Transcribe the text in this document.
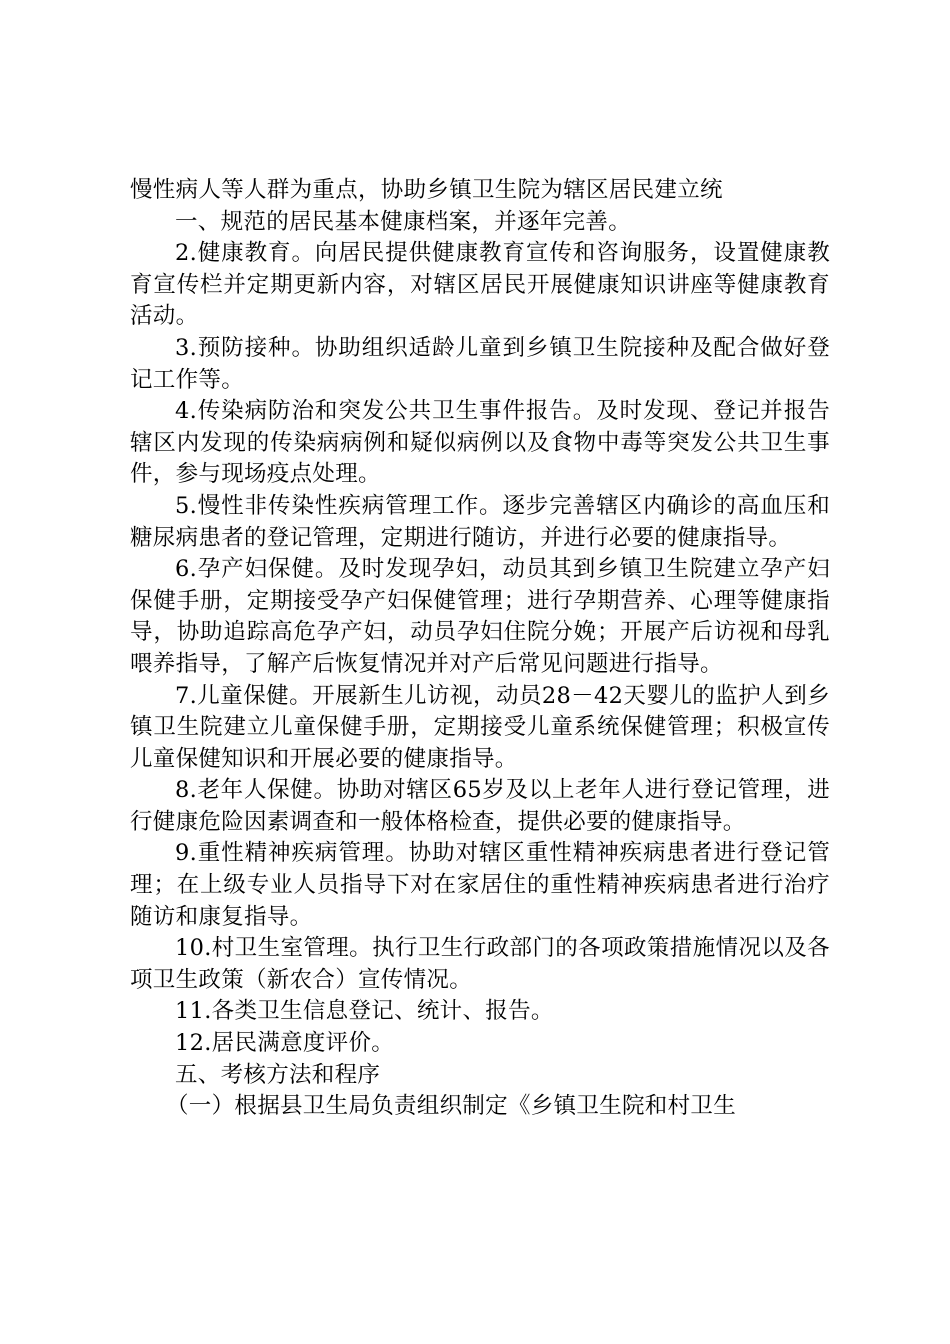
慢性病人等人群为重点，协助乡镇卫生院为辖区居民建立统

一、规范的居民基本健康档案，并逐年完善。

2.健康教育。向居民提供健康教育宣传和咨询服务，设置健康教育宣传栏并定期更新内容，对辖区居民开展健康知识讲座等健康教育活动。

3.预防接种。协助组织适龄儿童到乡镇卫生院接种及配合做好登记工作等。

4.传染病防治和突发公共卫生事件报告。及时发现、登记并报告辖区内发现的传染病病例和疑似病例以及食物中毒等突发公共卫生事件，参与现场疫点处理。

5.慢性非传染性疾病管理工作。逐步完善辖区内确诊的高血压和糖尿病患者的登记管理，定期进行随访，并进行必要的健康指导。

6.孕产妇保健。及时发现孕妇，动员其到乡镇卫生院建立孕产妇保健手册，定期接受孕产妇保健管理；进行孕期营养、心理等健康指导，协助追踪高危孕产妇，动员孕妇住院分娩；开展产后访视和母乳喂养指导，了解产后恢复情况并对产后常见问题进行指导。

7.儿童保健。开展新生儿访视，动员28－42天婴儿的监护人到乡镇卫生院建立儿童保健手册，定期接受儿童系统保健管理；积极宣传儿童保健知识和开展必要的健康指导。

8.老年人保健。协助对辖区65岁及以上老年人进行登记管理，进行健康危险因素调查和一般体格检查，提供必要的健康指导。

9.重性精神疾病管理。协助对辖区重性精神疾病患者进行登记管理；在上级专业人员指导下对在家居住的重性精神疾病患者进行治疗随访和康复指导。

10.村卫生室管理。执行卫生行政部门的各项政策措施情况以及各项卫生政策（新农合）宣传情况。

11.各类卫生信息登记、统计、报告。

12.居民满意度评价。

五、考核方法和程序

（一）根据县卫生局负责组织制定《乡镇卫生院和村卫生
